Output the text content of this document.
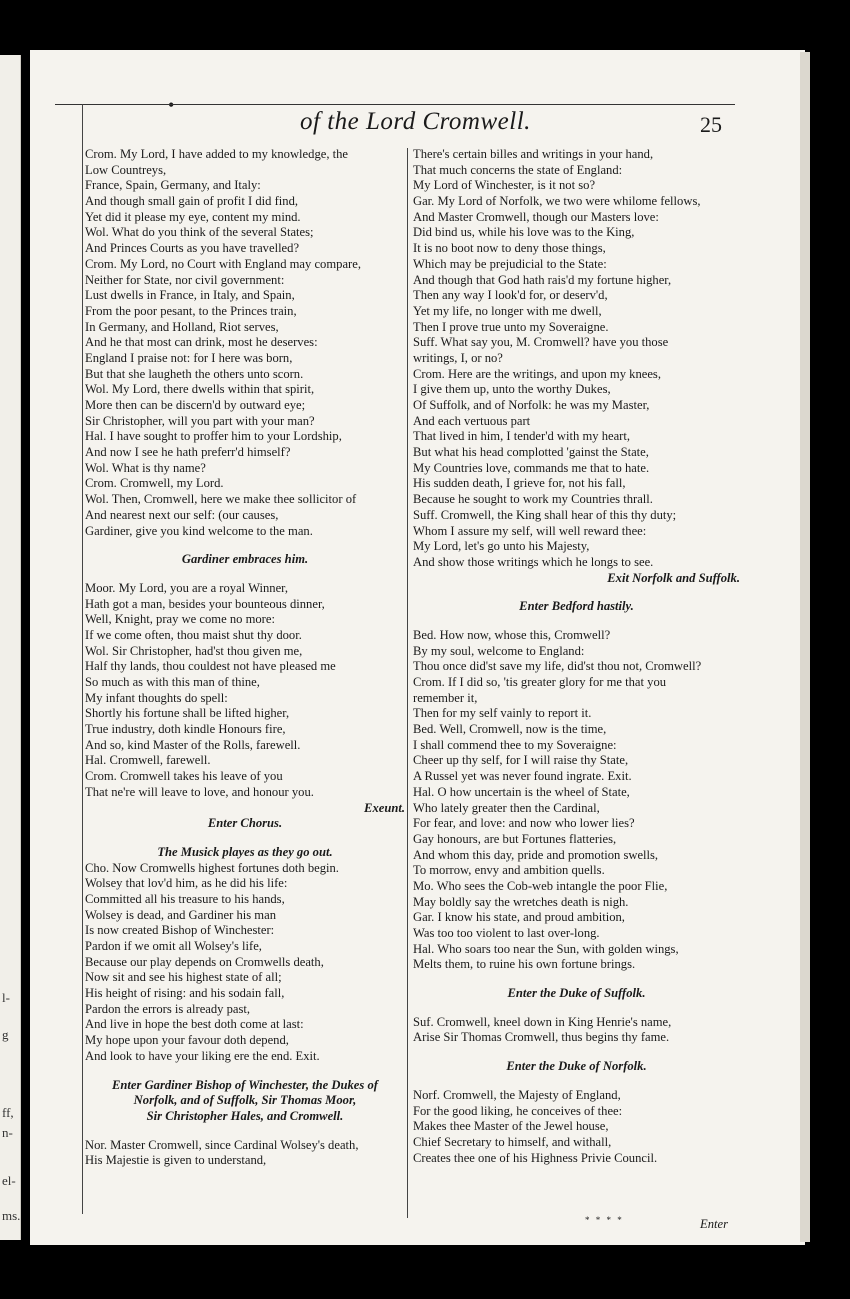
l-
g
ff,
n-
el-
ms.
•
of the Lord Cromwell.	25
Crom. My Lord, I have added to my knowledge, the
Low Countreys,
France, Spain, Germany, and Italy:
And though small gain of profit I did find,
Yet did it please my eye, content my mind.
Wol. What do you think of the several States;
And Princes Courts as you have travelled?
Crom. My Lord, no Court with England may compare,
Neither for State, nor civil government:
Lust dwells in France, in Italy, and Spain,
From the poor pesant, to the Princes train,
In Germany, and Holland, Riot serves,
And he that most can drink, most he deserves:
England I praise not: for I here was born,
But that she laugheth the others unto scorn.
Wol. My Lord, there dwells within that spirit,
More then can be discern'd by outward eye;
Sir Christopher, will you part with your man?
Hal. I have sought to proffer him to your Lordship,
And now I see he hath preferr'd himself?
Wol. What is thy name?
Crom. Cromwell, my Lord.
Wol. Then, Cromwell, here we make thee sollicitor of
And nearest next our self: (our causes,
Gardiner, give you kind welcome to the man.
Gardiner embraces him.
Moor. My Lord, you are a royal Winner,
Hath got a man, besides your bounteous dinner,
Well, Knight, pray we come no more:
If we come often, thou maist shut thy door.
Wol. Sir Christopher, had'st thou given me,
Half thy lands, thou couldest not have pleased me
So much as with this man of thine,
My infant thoughts do spell:
Shortly his fortune shall be lifted higher,
True industry, doth kindle Honours fire,
And so, kind Master of the Rolls, farewell.
Hal. Cromwell, farewell.
Crom. Cromwell takes his leave of you
That ne're will leave to love, and honour you.
Exeunt.
Enter Chorus.
The Musick playes as they go out.
Cho. Now Cromwells highest fortunes doth begin.
Wolsey that lov'd him, as he did his life:
Committed all his treasure to his hands,
Wolsey is dead, and Gardiner his man
Is now created Bishop of Winchester:
Pardon if we omit all Wolsey's life,
Because our play depends on Cromwells death,
Now sit and see his highest state of all;
His height of rising: and his sodain fall,
Pardon the errors is already past,
And live in hope the best doth come at last:
My hope upon your favour doth depend,
And look to have your liking ere the end. Exit.
Enter Gardiner Bishop of Winchester, the Dukes of
Norfolk, and of Suffolk, Sir Thomas Moor,
Sir Christopher Hales, and Cromwell.
Nor. Master Cromwell, since Cardinal Wolsey's death,
His Majestie is given to understand,
There's certain billes and writings in your hand,
That much concerns the state of England:
My Lord of Winchester, is it not so?
Gar. My Lord of Norfolk, we two were whilome fellows,
And Master Cromwell, though our Masters love:
Did bind us, while his love was to the King,
It is no boot now to deny those things,
Which may be prejudicial to the State:
And though that God hath rais'd my fortune higher,
Then any way I look'd for, or deserv'd,
Yet my life, no longer with me dwell,
Then I prove true unto my Soveraigne.
Suff. What say you, M. Cromwell? have you those
writings, I, or no?
Crom. Here are the writings, and upon my knees,
I give them up, unto the worthy Dukes,
Of Suffolk, and of Norfolk: he was my Master,
And each vertuous part
That lived in him, I tender'd with my heart,
But what his head complotted 'gainst the State,
My Countries love, commands me that to hate.
His sudden death, I grieve for, not his fall,
Because he sought to work my Countries thrall.
Suff. Cromwell, the King shall hear of this thy duty;
Whom I assure my self, will well reward thee:
My Lord, let's go unto his Majesty,
And show those writings which he longs to see.
Exit Norfolk and Suffolk.
Enter Bedford hastily.
Bed. How now, whose this, Cromwell?
By my soul, welcome to England:
Thou once did'st save my life, did'st thou not, Cromwell?
Crom. If I did so, 'tis greater glory for me that you
remember it,
Then for my self vainly to report it.
Bed. Well, Cromwell, now is the time,
I shall commend thee to my Soveraigne:
Cheer up thy self, for I will raise thy State,
A Russel yet was never found ingrate. Exit.
Hal. O how uncertain is the wheel of State,
Who lately greater then the Cardinal,
For fear, and love: and now who lower lies?
Gay honours, are but Fortunes flatteries,
And whom this day, pride and promotion swells,
To morrow, envy and ambition quells.
Mo. Who sees the Cob-web intangle the poor Flie,
May boldly say the wretches death is nigh.
Gar. I know his state, and proud ambition,
Was too too violent to last over-long.
Hal. Who soars too near the Sun, with golden wings,
Melts them, to ruine his own fortune brings.
Enter the Duke of Suffolk.
Suf. Cromwell, kneel down in King Henrie's name,
Arise Sir Thomas Cromwell, thus begins thy fame.
Enter the Duke of Norfolk.
Norf. Cromwell, the Majesty of England,
For the good liking, he conceives of thee:
Makes thee Master of the Jewel house,
Chief Secretary to himself, and withall,
Creates thee one of his Highness Privie Council.
* * * *	Enter
